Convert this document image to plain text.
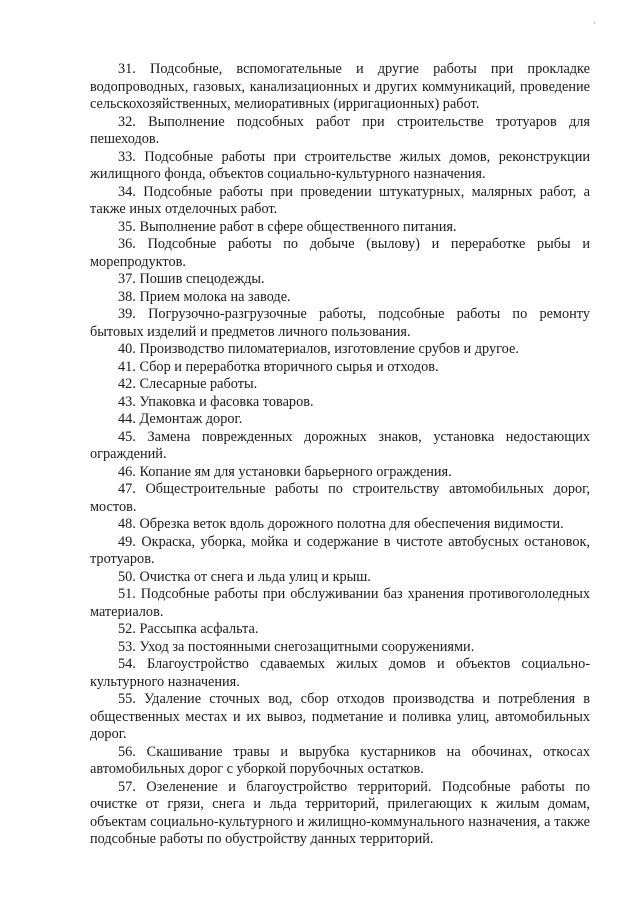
·

31. Подсобные, вспомогательные и другие работы при прокладке водопроводных, газовых, канализационных и других коммуникаций, проведение сельскохозяйственных, мелиоративных (ирригационных) работ.

32. Выполнение подсобных работ при строительстве тротуаров для пешеходов.

33. Подсобные работы при строительстве жилых домов, реконструкции жилищного фонда, объектов социально-культурного назначения.

34. Подсобные работы при проведении штукатурных, малярных работ, а также иных отделочных работ.

35. Выполнение работ в сфере общественного питания.

36. Подсобные работы по добыче (вылову) и переработке рыбы и морепродуктов.

37. Пошив спецодежды.

38. Прием молока на заводе.

39. Погрузочно-разгрузочные работы, подсобные работы по ремонту бытовых изделий и предметов личного пользования.

40. Производство пиломатериалов, изготовление срубов и другое.

41. Сбор и переработка вторичного сырья и отходов.

42. Слесарные работы.

43. Упаковка и фасовка товаров.

44. Демонтаж дорог.

45. Замена поврежденных дорожных знаков, установка недостающих ограждений.

46. Копание ям для установки барьерного ограждения.

47. Общестроительные работы по строительству автомобильных дорог, мостов.

48. Обрезка веток вдоль дорожного полотна для обеспечения видимости.

49. Окраска, уборка, мойка и содержание в чистоте автобусных остановок, тротуаров.

50. Очистка от снега и льда улиц и крыш.

51. Подсобные работы при обслуживании баз хранения противогололедных материалов.

52. Рассыпка асфальта.

53. Уход за постоянными снегозащитными сооружениями.

54. Благоустройство сдаваемых жилых домов и объектов социально-культурного назначения.

55. Удаление сточных вод, сбор отходов производства и потребления в общественных местах и их вывоз, подметание и поливка улиц, автомобильных дорог.

56. Скашивание травы и вырубка кустарников на обочинах, откосах автомобильных дорог с уборкой порубочных остатков.

57. Озеленение и благоустройство территорий. Подсобные работы по очистке от грязи, снега и льда территорий, прилегающих к жилым домам, объектам социально-культурного и жилищно-коммунального назначения, а также подсобные работы по обустройству данных территорий.
